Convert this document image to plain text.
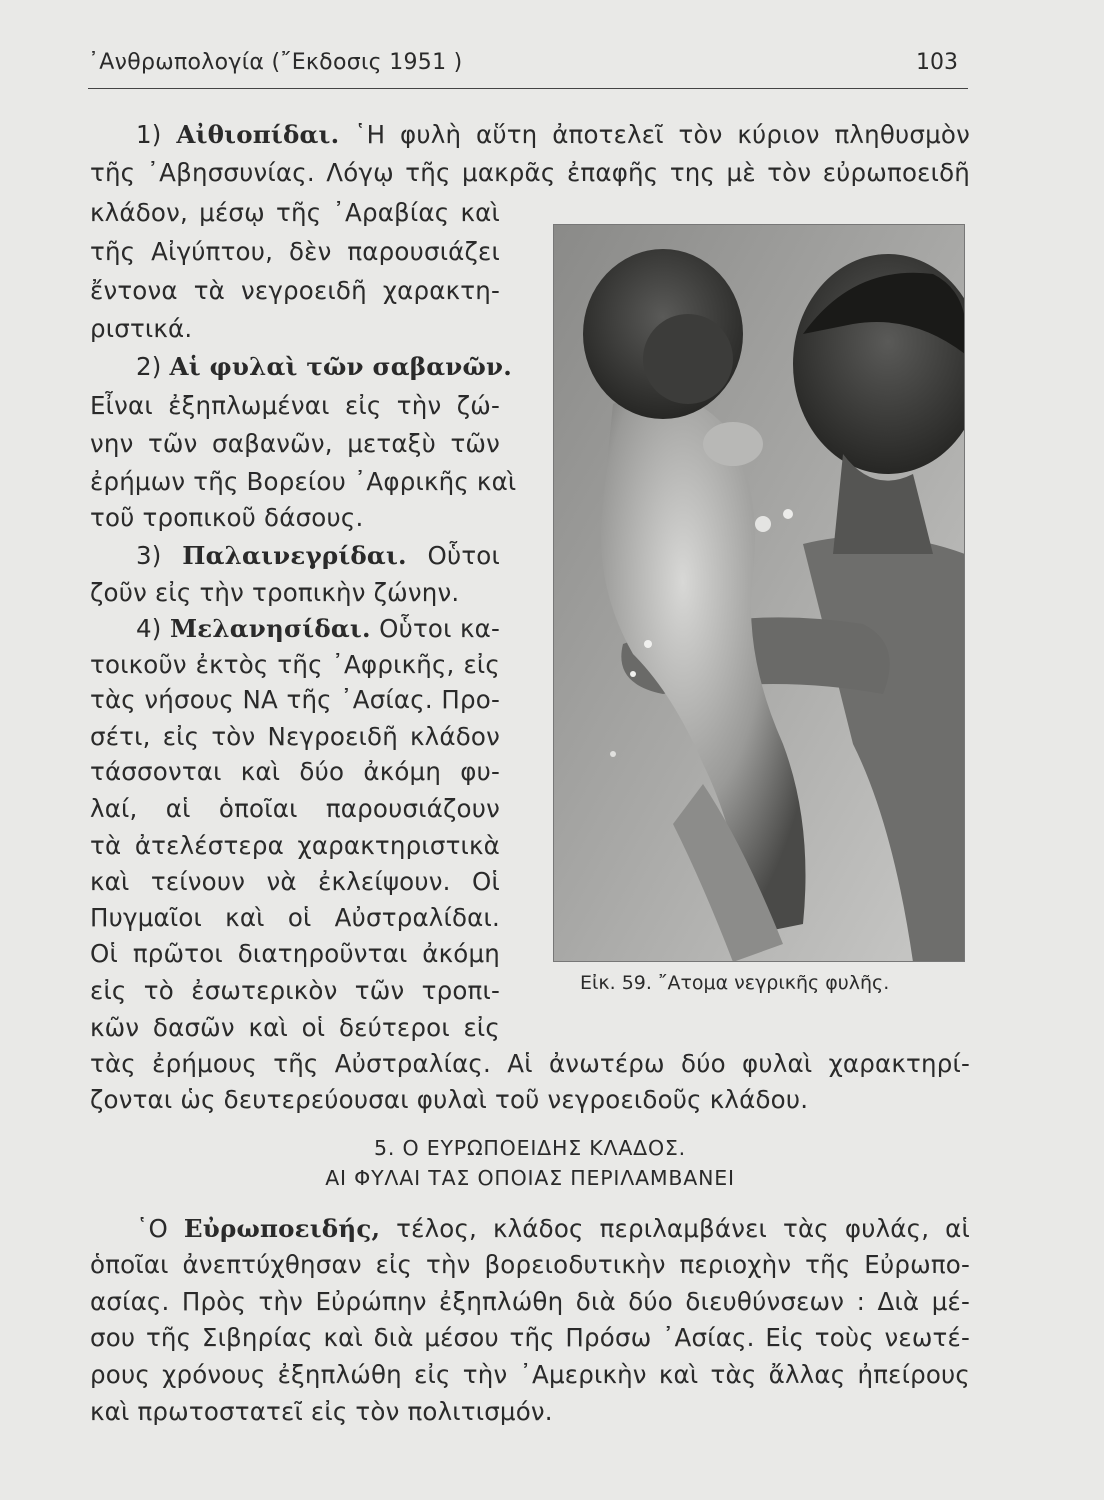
᾿Ανθρωπολογία (῎Εκδοσις 1951 )	103
1) Αἰθιοπίδαι. ῾Η φυλὴ αὕτη ἀποτελεῖ τὸν κύριον πληθυσμὸν
τῆς ᾿Αβησσυνίας. Λόγῳ τῆς μακρᾶς ἐπαφῆς της μὲ τὸν εὐρωποειδῆ
κλάδον, μέσῳ τῆς ᾿Αραβίας καὶ
τῆς Αἰγύπτου, δὲν παρουσιάζει
ἔντονα τὰ νεγροειδῆ χαρακτη-
ριστικά.
2) Αἱ φυλαὶ τῶν σαβανῶν.
Εἶναι ἐξηπλωμέναι εἰς τὴν ζώ-
νην τῶν σαβανῶν, μεταξὺ τῶν
ἐρήμων τῆς Βορείου ᾿Αφρικῆς καὶ
τοῦ τροπικοῦ δάσους.
3) Παλαινεγρίδαι. Οὗτοι
ζοῦν εἰς τὴν τροπικὴν ζώνην.
4) Μελανησίδαι. Οὗτοι κα-
τοικοῦν ἐκτὸς τῆς ᾿Αφρικῆς, εἰς
τὰς νήσους ΝΑ τῆς ᾿Ασίας. Προ-
σέτι, εἰς τὸν Νεγροειδῆ κλάδον
τάσσονται καὶ δύο ἀκόμη φυ-
λαί, αἱ ὁποῖαι παρουσιάζουν
τὰ ἀτελέστερα χαρακτηριστικὰ
καὶ τείνουν νὰ ἐκλείψουν. Οἱ
Πυγμαῖοι καὶ οἱ Αὐστραλίδαι.
Οἱ πρῶτοι διατηροῦνται ἀκόμη
εἰς τὸ ἐσωτερικὸν τῶν τροπι-
κῶν δασῶν καὶ οἱ δεύτεροι εἰς
τὰς ἐρήμους τῆς Αὐστραλίας. Αἱ ἀνωτέρω δύο φυλαὶ χαρακτηρί-
ζονται ὡς δευτερεύουσαι φυλαὶ τοῦ νεγροειδοῦς κλάδου.
Εἰκ. 59. ῎Ατομα νεγρικῆς φυλῆς.
5. Ο ΕΥΡΩΠΟΕΙΔΗΣ ΚΛΑΔΟΣ.
ΑΙ ΦΥΛΑΙ ΤΑΣ ΟΠΟΙΑΣ ΠΕΡΙΛΑΜΒΑΝΕΙ
῾Ο Εὐρωποειδής, τέλος, κλάδος περιλαμβάνει τὰς φυλάς, αἱ
ὁποῖαι ἀνεπτύχθησαν εἰς τὴν βορειοδυτικὴν περιοχὴν τῆς Εὐρωπο-
ασίας. Πρὸς τὴν Εὐρώπην ἐξηπλώθη διὰ δύο διευθύνσεων : Διὰ μέ-
σου τῆς Σιβηρίας καὶ διὰ μέσου τῆς Πρόσω ᾿Ασίας. Εἰς τοὺς νεωτέ-
ρους χρόνους ἐξηπλώθη εἰς τὴν ᾿Αμερικὴν καὶ τὰς ἄλλας ἠπείρους
καὶ πρωτοστατεῖ εἰς τὸν πολιτισμόν.
